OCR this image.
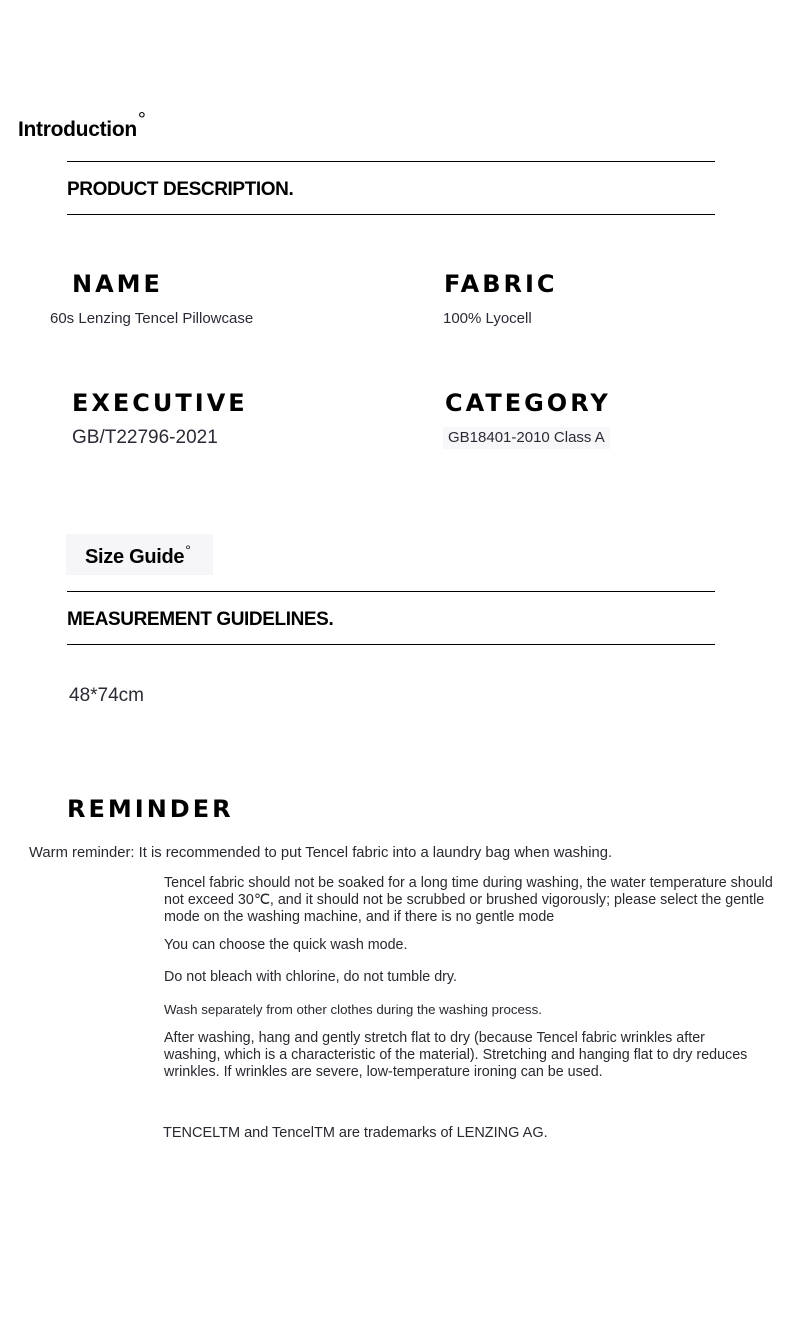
Introduction°
PRODUCT DESCRIPTION.
NAME
60s Lenzing Tencel Pillowcase
FABRIC
100% Lyocell
EXECUTIVE
GB/T22796-2021
CATEGORY
GB18401-2010 Class A
Size Guide°
MEASUREMENT GUIDELINES.
48*74cm
REMINDER
Warm reminder: It is recommended to put Tencel fabric into a laundry bag when washing.
Tencel fabric should not be soaked for a long time during washing, the water temperature should not exceed 30℃, and it should not be scrubbed or brushed vigorously; please select the gentle mode on the washing machine, and if there is no gentle mode
You can choose the quick wash mode.
Do not bleach with chlorine, do not tumble dry.
Wash separately from other clothes during the washing process.
After washing, hang and gently stretch flat to dry (because Tencel fabric wrinkles after washing, which is a characteristic of the material). Stretching and hanging flat to dry reduces wrinkles. If wrinkles are severe, low-temperature ironing can be used.
TENCELTM and TencelTM are trademarks of LENZING AG.
